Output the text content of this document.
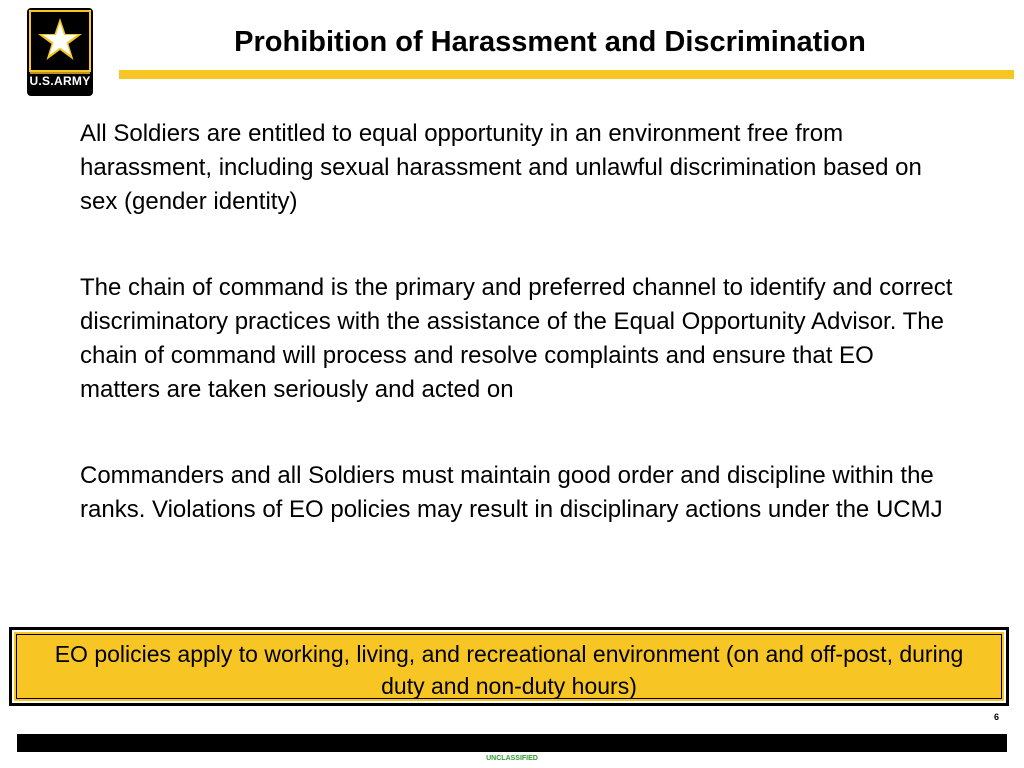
U.S.ARMY
Prohibition of Harassment and Discrimination

All Soldiers are entitled to equal opportunity in an environment free from harassment, including sexual harassment and unlawful discrimination based on sex (gender identity)

The chain of command is the primary and preferred channel to identify and correct discriminatory practices with the assistance of the Equal Opportunity Advisor. The chain of command will process and resolve complaints and ensure that EO matters are taken seriously and acted on

Commanders and all Soldiers must maintain good order and discipline within the ranks. Violations of EO policies may result in disciplinary actions under the UCMJ

EO policies apply to working, living, and recreational environment (on and off-post, during duty and non-duty hours)
6
UNCLASSIFIED
